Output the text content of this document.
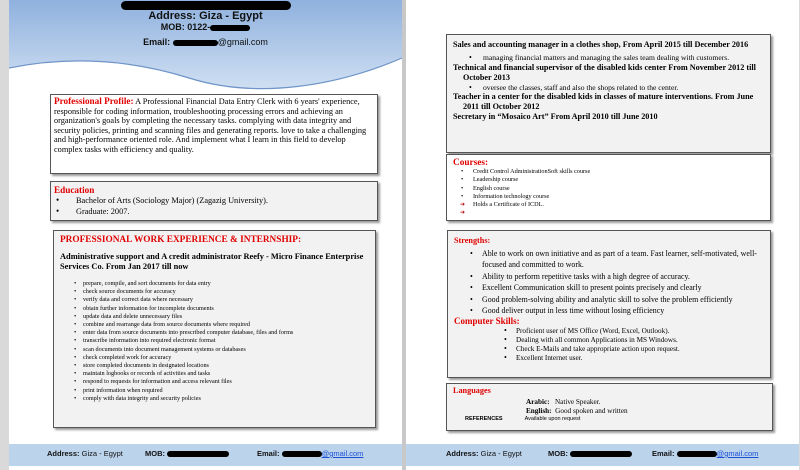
Address: Giza - Egypt
MOB: 0122-
Email:	@gmail.com
Professional Profile: A Professional Financial Data Entry Clerk with 6 years' experience, responsible for coding information, troubleshooting processing errors and achieving an organization's goals by completing the necessary tasks. complying with data integrity and security policies, printing and scanning files and generating reports. love to take a challenging and high-performance oriented role. And implement what I learn in this field to develop complex tasks with efficiency and quality.
Education
• Bachelor of Arts (Sociology Major) (Zagazig University).
• Graduate: 2007.
PROFESSIONAL WORK EXPERIENCE & INTERNSHIP:
Administrative support and A credit administrator Reefy - Micro Finance Enterprise Services Co. From Jan 2017 till now
• prepare, compile, and sort documents for data entry
• check source documents for accuracy
• verify data and correct data where necessary
• obtain further information for incomplete documents
• update data and delete unnecessary files
• combine and rearrange data from source documents where required
• enter data from source documents into prescribed computer database, files and forms
• transcribe information into required electronic format
• scan documents into document management systems or databases
• check completed work for accuracy
• store completed documents in designated locations
• maintain logbooks or records of activities and tasks
• respond to requests for information and access relevant files
• print information when required
• comply with data integrity and security policies
Address: Giza - Egypt	MOB:	Email:	@gmail.com
Sales and accounting manager in a clothes shop, From April 2015 till December 2016
• managing financial matters and managing the sales team dealing with customers.
Technical and financial supervisor of the disabled kids center From November 2012 till October 2013
• oversee the classes, staff and also the shops related to the center.
Teacher in a center for the disabled kids in classes of mature interventions. From June 2011 till October 2012
Secretary in “Mosaico Art” From April 2010 till June 2010
Courses:
• Credit Control AdministrationSoft skills course
• Leadership course
• English course
• Information technology course
➔ Holds a Certificate of ICDL.
Strengths:
• Able to work on own initiative and as part of a team. Fast learner, self-motivated, well-focused and committed to work.
• Ability to perform repetitive tasks with a high degree of accuracy.
• Excellent Communication skill to present points precisely and clearly
• Good problem-solving ability and analytic skill to solve the problem efficiently
• Good deliver output in less time without losing efficiency
Computer Skills:
• Proficient user of MS Office (Word, Excel, Outlook).
• Dealing with all common Applications in MS Windows.
• Check E-Mails and take appropriate action upon request.
• Excellent Internet user.
Languages
Arabic: Native Speaker.
English: Good spoken and written
REFERENCES	Available upon request
Address: Giza - Egypt	MOB:	Email:	@gmail.com
